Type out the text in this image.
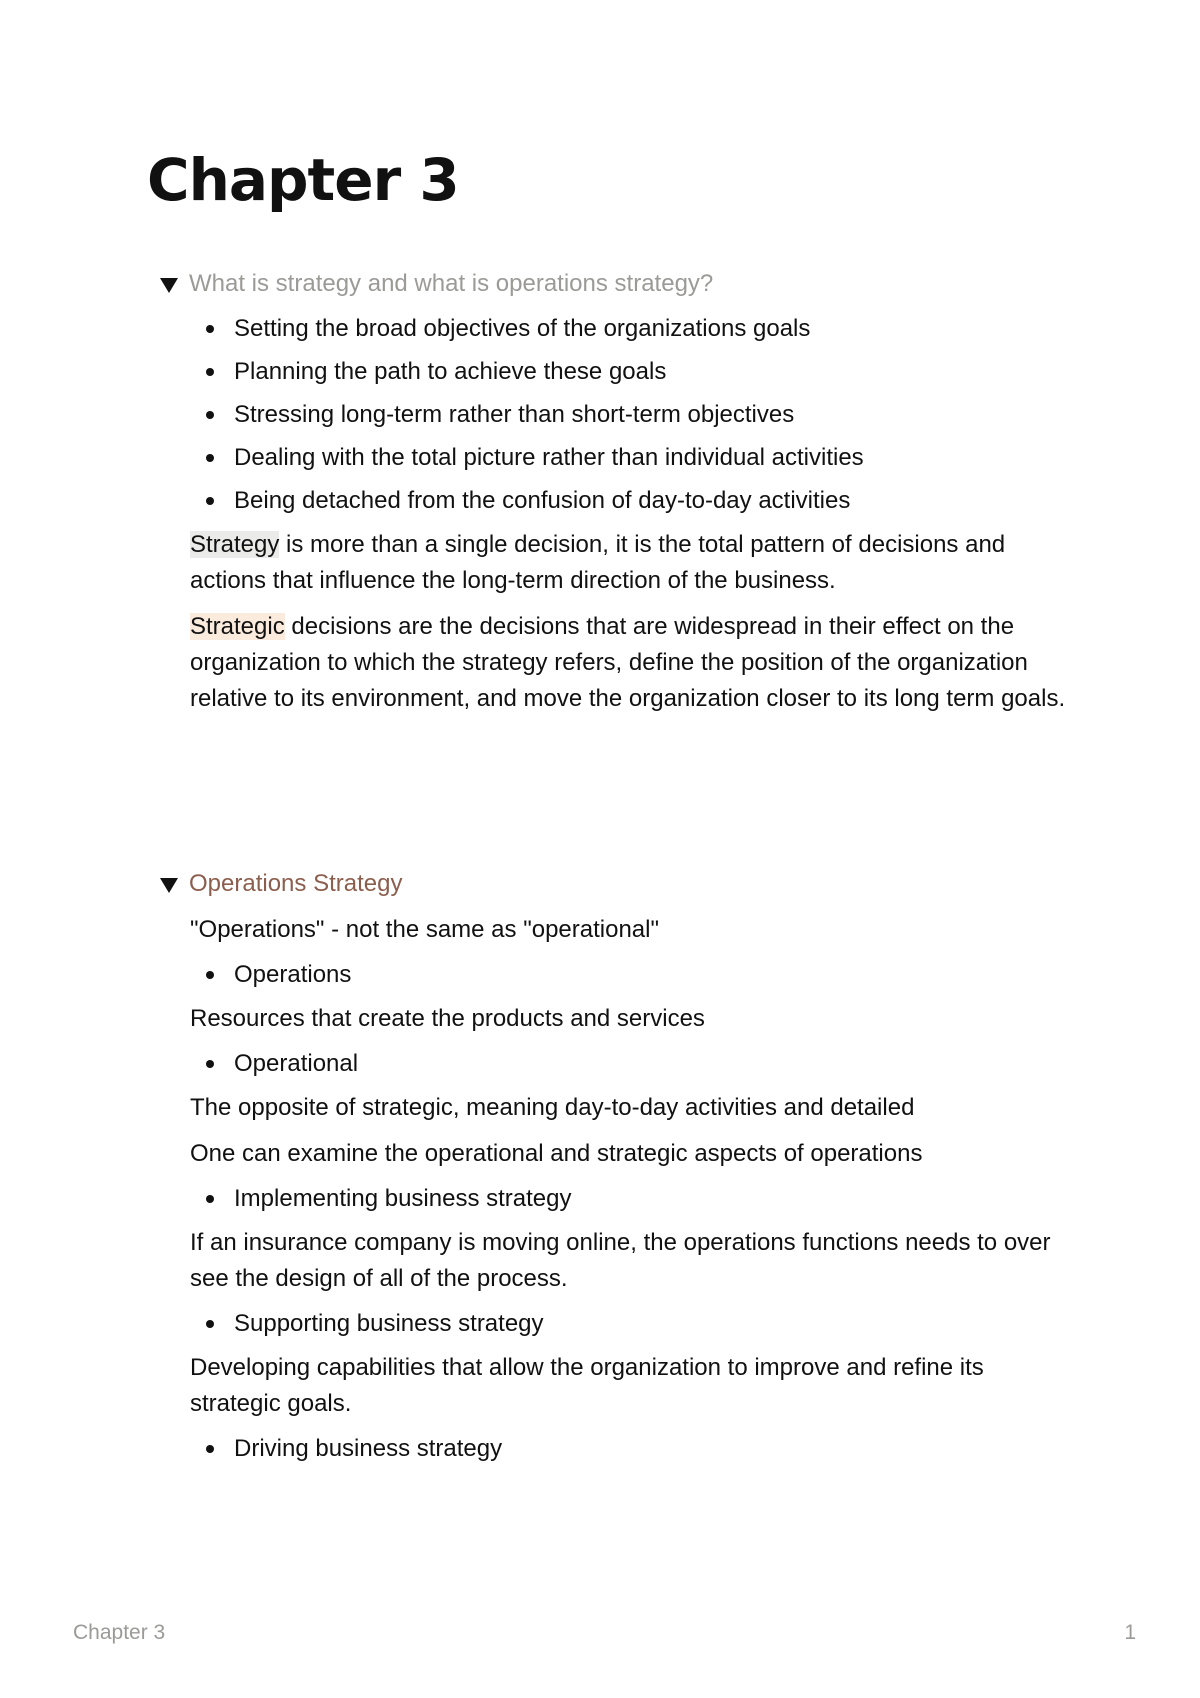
Chapter 3
What is strategy and what is operations strategy?
Setting the broad objectives of the organizations goals
Planning the path to achieve these goals
Stressing long-term rather than short-term objectives
Dealing with the total picture rather than individual activities
Being detached from the confusion of day-to-day activities

Strategy is more than a single decision, it is the total pattern of decisions and actions that influence the long-term direction of the business.

Strategic decisions are the decisions that are widespread in their effect on the organization to which the strategy refers, define the position of the organization relative to its environment, and move the organization closer to its long term goals.

Operations Strategy

"Operations" - not the same as "operational"

Operations

Resources that create the products and services

Operational

The opposite of strategic, meaning day-to-day activities and detailed

One can examine the operational and strategic aspects of operations

Implementing business strategy

If an insurance company is moving online, the operations functions needs to over see the design of all of the process.

Supporting business strategy

Developing capabilities that allow the organization to improve and refine its strategic goals.

Driving business strategy
Chapter 3	1
